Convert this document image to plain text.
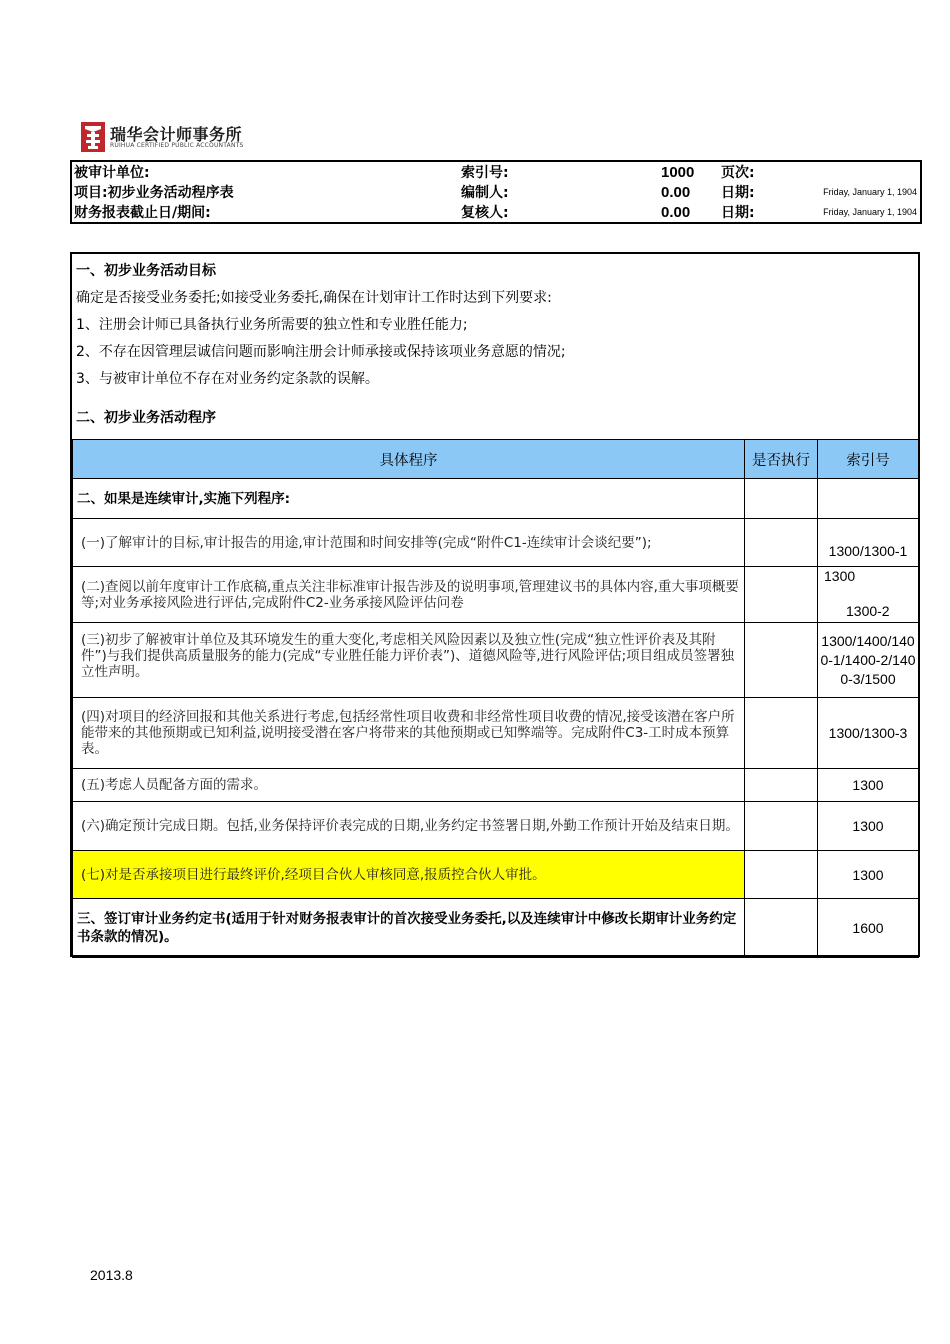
瑞华会计师事务所
RUIHUA CERTIFIED PUBLIC ACCOUNTANTS
被审计单位:	索引号:	1000	页次:	
项目:初步业务活动程序表	编制人:	0.00	日期:	Friday, January 1, 1904
财务报表截止日/期间:	复核人:	0.00	日期:	Friday, January 1, 1904
一、初步业务活动目标
确定是否接受业务委托;如接受业务委托,确保在计划审计工作时达到下列要求:
1、注册会计师已具备执行业务所需要的独立性和专业胜任能力;
2、不存在因管理层诚信问题而影响注册会计师承接或保持该项业务意愿的情况;
3、与被审计单位不存在对业务约定条款的误解。
二、初步业务活动程序
具体程序	是否执行	索引号
二、如果是连续审计,实施下列程序:		
(一)了解审计的目标,审计报告的用途,审计范围和时间安排等(完成“附件C1-连续审计会谈纪要”);		1300/1300-1
(二)查阅以前年度审计工作底稿,重点关注非标准审计报告涉及的说明事项,管理建议书的具体内容,重大事项概要等;对业务承接风险进行评估,完成附件C2-业务承接风险评估问卷		1300
1300-2

(三)初步了解被审计单位及其环境发生的重大变化,考虑相关风险因素以及独立性(完成“独立性评价表及其附件”)与我们提供高质量服务的能力(完成“专业胜任能力评价表”)、道德风险等,进行风险评估;项目组成员签署独立性声明。		1300/1400/1400-1/1400-2/1400-3/1500
(四)对项目的经济回报和其他关系进行考虑,包括经常性项目收费和非经常性项目收费的情况,接受该潜在客户所能带来的其他预期或已知利益,说明接受潜在客户将带来的其他预期或已知弊端等。完成附件C3-工时成本预算表。		1300/1300-3
(五)考虑人员配备方面的需求。		1300
(六)确定预计完成日期。包括,业务保持评价表完成的日期,业务约定书签署日期,外勤工作预计开始及结束日期。		1300
(七)对是否承接项目进行最终评价,经项目合伙人审核同意,报质控合伙人审批。		1300
三、签订审计业务约定书(适用于针对财务报表审计的首次接受业务委托,以及连续审计中修改长期审计业务约定书条款的情况)。		1600
2013.8
